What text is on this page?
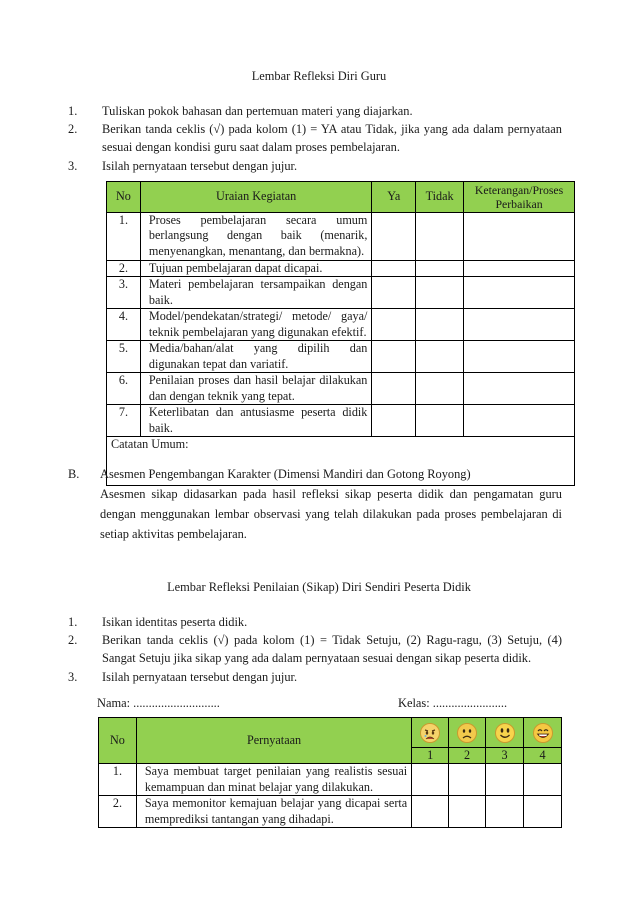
Lembar Refleksi Diri Guru
1. Tuliskan pokok bahasan dan pertemuan materi yang diajarkan.
2. Berikan tanda ceklis (√) pada kolom (1) = YA atau Tidak, jika yang ada dalam pernyataan sesuai dengan kondisi guru saat dalam proses pembelajaran.
3. Isilah pernyataan tersebut dengan jujur.
No	Uraian Kegiatan	Ya	Tidak	Keterangan/Proses Perbaikan
1.	Proses pembelajaran secara umum berlangsung dengan baik (menarik, menyenangkan, menantang, dan bermakna).			
2.	Tujuan pembelajaran dapat dicapai.			
3.	Materi pembelajaran tersampaikan dengan baik.			
4.	Model/pendekatan/strategi/ metode/ gaya/ teknik pembelajaran yang digunakan efektif.			
5.	Media/bahan/alat yang dipilih dan digunakan tepat dan variatif.			
6.	Penilaian proses dan hasil belajar dilakukan dan dengan teknik yang tepat.			
7.	Keterlibatan dan antusiasme peserta didik baik.			
Catatan Umum:				
B. Asesmen Pengembangan Karakter (Dimensi Mandiri dan Gotong Royong)

Asesmen sikap didasarkan pada hasil refleksi sikap peserta didik dan pengamatan guru dengan menggunakan lembar observasi yang telah dilakukan pada proses pembelajaran di setiap aktivitas pembelajaran.

Lembar Refleksi Penilaian (Sikap) Diri Sendiri Peserta Didik
1. Isikan identitas peserta didik.
2. Berikan tanda ceklis (√) pada kolom (1) = Tidak Setuju, (2) Ragu-ragu, (3) Setuju, (4) Sangat Setuju jika sikap yang ada dalam pernyataan sesuai dengan sikap peserta didik.
3. Isilah pernyataan tersebut dengan jujur.
Nama: ............................	Kelas: ........................
No	Pernyataan				
		1	2	3	4
1.	Saya membuat target penilaian yang realistis sesuai kemampuan dan minat belajar yang dilakukan.				
2.	Saya memonitor kemajuan belajar yang dicapai serta memprediksi tantangan yang dihadapi.				
